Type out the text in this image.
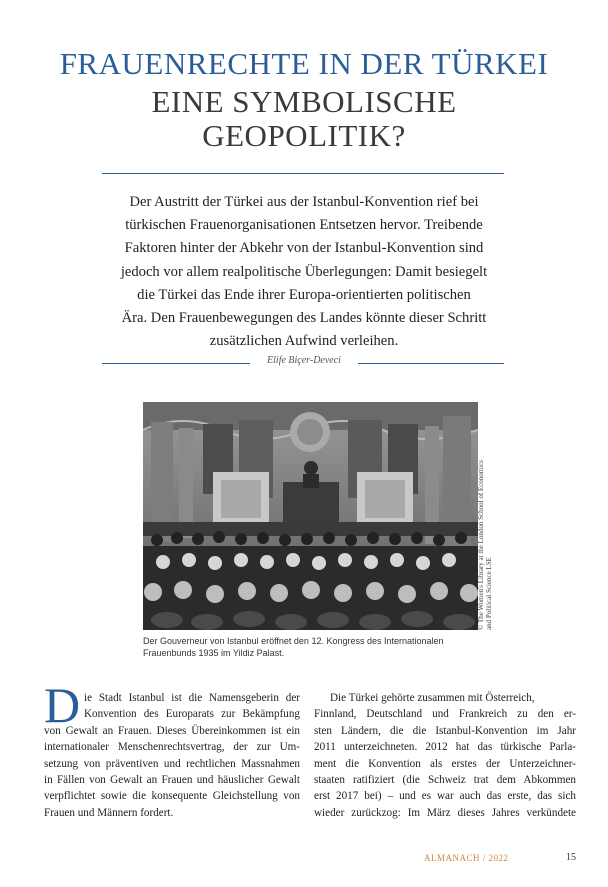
FRAUENRECHTE IN DER TÜRKEI
EINE SYMBOLISCHE
GEOPOLITIK?
Der Austritt der Türkei aus der Istanbul-Konvention rief bei
türkischen Frauenorganisationen Entsetzen hervor. Treibende
Faktoren hinter der Abkehr von der Istanbul-Konvention sind
jedoch vor allem realpolitische Überlegungen: Damit besiegelt
die Türkei das Ende ihrer Europa-orientierten politischen
Ära. Den Frauenbewegungen des Landes könnte dieser Schritt
zusätzlichen Aufwind verleihen.
Elife Biçer-Deveci
© The Women's Library at the London School of Economics and Political Science LSE
Der Gouverneur von Istanbul eröffnet den 12. Kongress des Internationalen
Frauenbunds 1935 im Yildiz Palast.
D ie Stadt Istanbul ist die Namensgeberin der
Konvention des Europarats zur Bekämpfung
von Gewalt an Frauen. Dieses Übereinkommen ist ein
internationaler Menschenrechtsvertrag, der zur Um-
setzung von präventiven und rechtlichen Massnahmen
in Fällen von Gewalt an Frauen und häuslicher Gewalt
verpflichtet sowie die konsequente Gleichstellung von
Frauen und Männern fordert.
Die Türkei gehörte zusammen mit Österreich,
Finnland, Deutschland und Frankreich zu den er-
sten Ländern, die die Istanbul-Konvention im Jahr
2011 unterzeichneten. 2012 hat das türkische Parla-
ment die Konvention als erstes der Unterzeichner-
staaten ratifiziert (die Schweiz trat dem Abkommen
erst 2017 bei) – und es war auch das erste, das sich
wieder zurückzog: Im März dieses Jahres verkündete
ALMANACH / 2022	15
